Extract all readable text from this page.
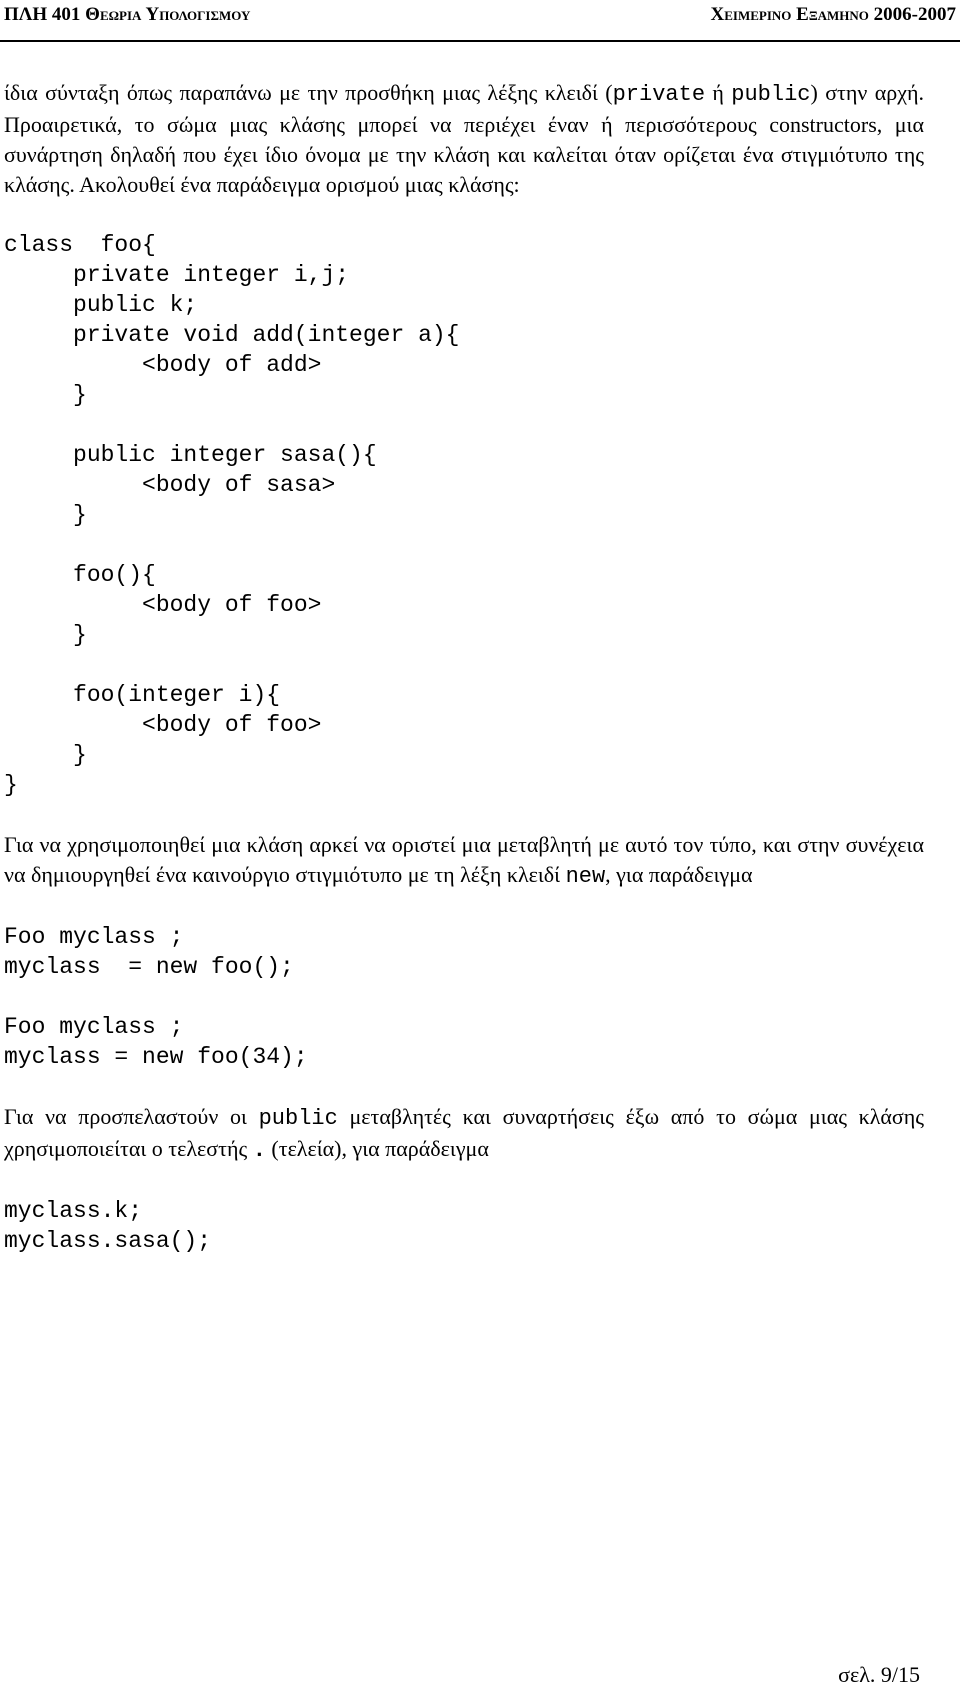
ΠΛΗ 401 Θεωρια Υπολογισμου	Χειμερινο Εξαμηνο 2006-2007

ίδια σύνταξη όπως παραπάνω με την προσθήκη μιας λέξης κλειδί (private ή public) στην αρχή. Προαιρετικά, το σώμα μιας κλάσης μπορεί να περιέχει έναν ή περισσότερους constructors, μια συνάρτηση δηλαδή που έχει ίδιο όνομα με την κλάση και καλείται όταν ορίζεται ένα στιγμιότυπο της κλάσης. Ακολουθεί ένα παράδειγμα ορισμού μιας κλάσης:

class  foo{
private integer i,j;
public k;
private void add(integer a){
<body of add>
}

public integer sasa(){
<body of sasa>
}

foo(){
<body of foo>
}

foo(integer i){
<body of foo>
}
}

Για να χρησιμοποιηθεί μια κλάση αρκεί να οριστεί μια μεταβλητή με αυτό τον τύπο, και στην συνέχεια να δημιουργηθεί ένα καινούργιο στιγμιότυπο με τη λέξη κλειδί new, για παράδειγμα

Foo myclass ;
myclass  = new foo();
Foo myclass ;
myclass = new foo(34);

Για να προσπελαστούν οι public μεταβλητές και συναρτήσεις έξω από το σώμα μιας κλάσης χρησιμοποιείται ο τελεστής . (τελεία), για παράδειγμα

myclass.k;
myclass.sasa();
σελ. 9/15
